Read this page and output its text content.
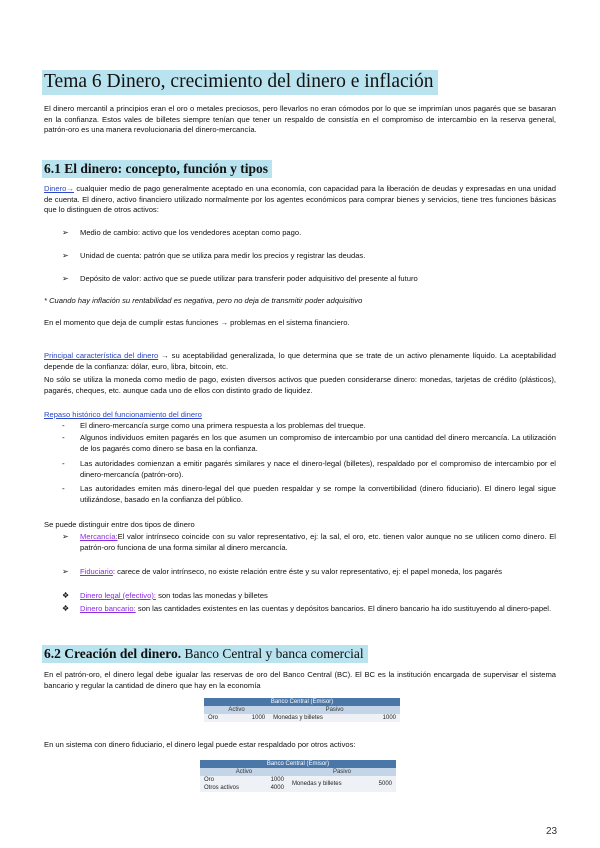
Tema 6 Dinero, crecimiento del dinero e inflación
El dinero mercantil a principios eran el oro o metales preciosos, pero llevarlos no eran cómodos por lo que se imprimían unos pagarés que se basaran en la confianza. Estos vales de billetes siempre tenían que tener un respaldo de consistía en el compromiso de intercambio en la reserva general, patrón-oro es una manera revolucionaria del dinero-mercancía.
6.1 El dinero: concepto, función y tipos
Dinero→ cualquier medio de pago generalmente aceptado en una economía, con capacidad para la liberación de deudas y expresadas en una unidad de cuenta. El dinero, activo financiero utilizado normalmente por los agentes económicos para comprar bienes y servicios, tiene tres funciones básicas que lo distinguen de otros activos:
➢ Medio de cambio: activo que los vendedores aceptan como pago.
➢ Unidad de cuenta: patrón que se utiliza para medir los precios y registrar las deudas.
➢ Depósito de valor: activo que se puede utilizar para transferir poder adquisitivo del presente al futuro
* Cuando hay inflación su rentabilidad es negativa, pero no deja de transmitir poder adquisitivo
En el momento que deja de cumplir estas funciones → problemas en el sistema financiero.
Principal característica del dinero → su aceptabilidad generalizada, lo que determina que se trate de un activo plenamente líquido. La aceptabilidad depende de la confianza: dólar, euro, libra, bitcoin, etc.
No sólo se utiliza la moneda como medio de pago, existen diversos activos que pueden considerarse dinero: monedas, tarjetas de crédito (plásticos), pagarés, cheques, etc. aunque cada uno de ellos con distinto grado de liquidez.
Repaso histórico del funcionamiento del dinero
- El dinero-mercancía surge como una primera respuesta a los problemas del trueque.
- Algunos individuos emiten pagarés en los que asumen un compromiso de intercambio por una cantidad del dinero mercancía. La utilización de los pagarés como dinero se basa en la confianza.
- Las autoridades comienzan a emitir pagarés similares y nace el dinero-legal (billetes), respaldado por el compromiso de intercambio por el dinero-mercancía (patrón-oro).
- Las autoridades emiten más dinero-legal del que pueden respaldar y se rompe la convertibilidad (dinero fiduciario). El dinero legal sigue utilizándose, basado en la confianza del público.
Se puede distinguir entre dos tipos de dinero
➢ Mercancía:El valor intrínseco coincide con su valor representativo, ej: la sal, el oro, etc. tienen valor aunque no se utilicen como dinero. El patrón-oro funciona de una forma similar al dinero mercancía.
➢ Fiduciario: carece de valor intrínseco, no existe relación entre éste y su valor representativo, ej: el papel moneda, los pagarés
❖ Dinero legal (efectivo): son todas las monedas y billetes
❖ Dinero bancario: son las cantidades existentes en las cuentas y depósitos bancarios. El dinero bancario ha ido sustituyendo al dinero-papel.
6.2 Creación del dinero. Banco Central y banca comercial
En el patrón-oro, el dinero legal debe igualar las reservas de oro del Banco Central (BC). El BC es la institución encargada de supervisar el sistema bancario y regular la cantidad de dinero que hay en la economía
Banco Central (Emisor)			
Activo		Pasivo	
Oro	1000	Monedas y billetes	1000
En un sistema con dinero fiduciario, el dinero legal puede estar respaldado por otros activos:
Banco Central (Emisor)			
Activo		Pasivo	
Oro	1000	Monedas y billetes	5000
Otros activos	4000		
23
